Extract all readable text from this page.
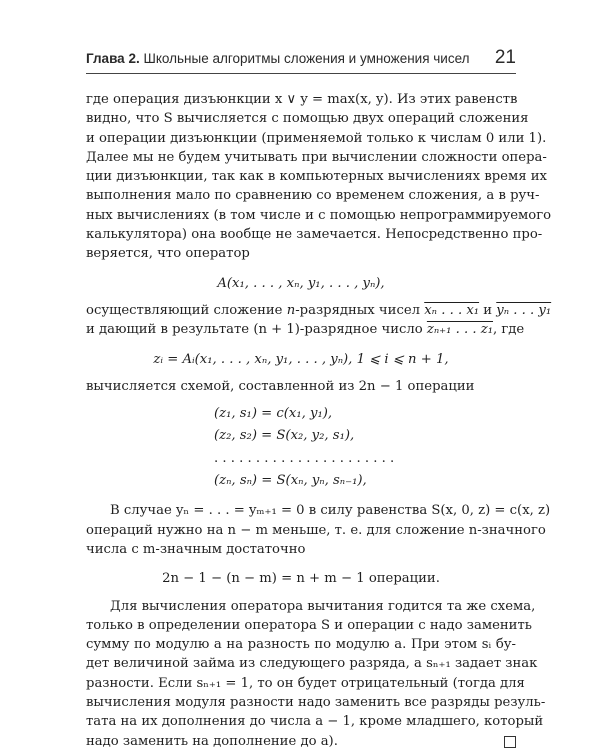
Глава 2. Школьные алгоритмы сложения и умножения чисел 21
где операция дизъюнкции x ∨ y = max(x, y). Из этих равенств
видно, что S вычисляется с помощью двух операций сложения
и операции дизъюнкции (применяемой только к числам 0 или 1).
Далее мы не будем учитывать при вычислении сложности опера-
ции дизъюнкции, так как в компьютерных вычислениях время их
выполнения мало по сравнению со временем сложения, а в руч-
ных вычислениях (в том числе и с помощью непрограммируемого
калькулятора) она вообще не замечается. Непосредственно про-
веряется, что оператор
A(x₁, . . . , xₙ, y₁, . . . , yₙ),
осуществляющий сложение n-разрядных чисел xₙ . . . x₁ и yₙ . . . y₁
и дающий в результате (n + 1)-разрядное число zₙ₊₁ . . . z₁, где
zᵢ = Aᵢ(x₁, . . . , xₙ, y₁, . . . , yₙ), 1 ⩽ i ⩽ n + 1,
вычисляется схемой, составленной из 2n − 1 операции
(z₁, s₁) = c(x₁, y₁),
(z₂, s₂) = S(x₂, y₂, s₁),
. . . . . . . . . . . . . . . . . . . . . .
(zₙ, sₙ) = S(xₙ, yₙ, sₙ₋₁),
В случае yₙ = . . . = yₘ₊₁ = 0 в силу равенства S(x, 0, z) = c(x, z)
операций нужно на n − m меньше, т. е. для сложение n-значного
числа с m-значным достаточно
2n − 1 − (n − m) = n + m − 1 операции.
Для вычисления оператора вычитания годится та же схема,
только в определении оператора S и операции c надо заменить
сумму по модулю a на разность по модулю a. При этом sᵢ бу-
дет величиной займа из следующего разряда, а sₙ₊₁ задает знак
разности. Если sₙ₊₁ = 1, то он будет отрицательный (тогда для
вычисления модуля разности надо заменить все разряды резуль-
тата на их дополнения до числа a − 1, кроме младшего, который
надо заменить на дополнение до a).
